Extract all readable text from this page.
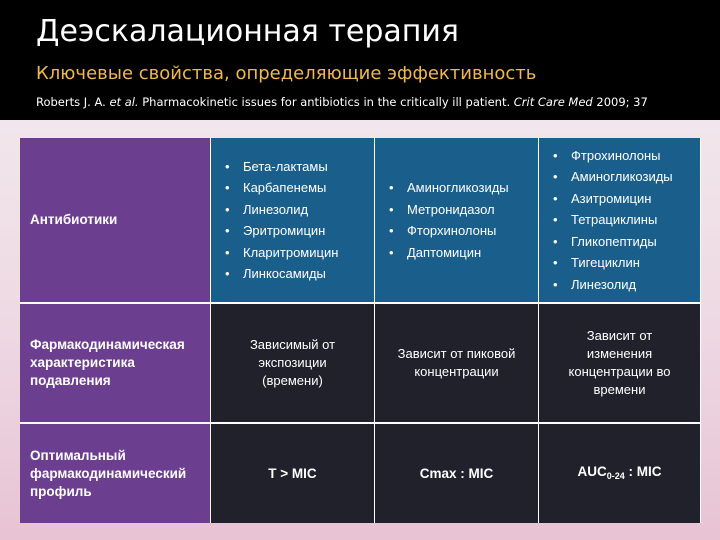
Деэскалационная терапия
Ключевые свойства, определяющие эффективность
Roberts J. A. et al. Pharmacokinetic issues for antibiotics in the critically ill patient. Crit Care Med 2009; 37
Антибиотики
• Бета-лактамы
• Карбапенемы
• Линезолид
• Эритромицин
• Кларитромицин
• Линкосамиды
• Аминогликозиды
• Метронидазол
• Фторхинолоны
• Даптомицин
• Фтрохинолоны
• Аминогликозиды
• Азитромицин
• Тетрациклины
• Гликопептиды
• Тигециклин
• Линезолид
Фармакодинамическая
характеристика
подавления
Зависимый от
экспозиции
(времени)
Зависит от пиковой
концентрации
Зависит от
изменения
концентрации во
времени
Оптимальный
фармакодинамический
профиль
T > MIC	Cmax : MIC	$AUC_{0-24}$ : MIC
